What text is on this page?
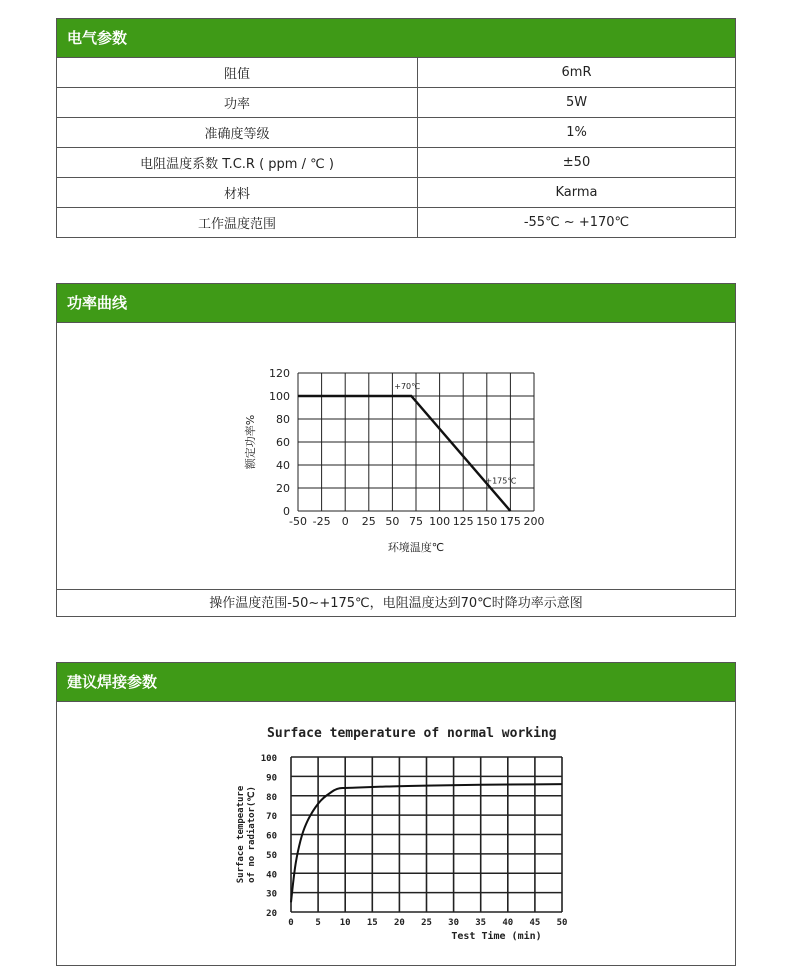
电气参数
阻值	6mR
功率	5W
准确度等级	1%
电阻温度系数 T.C.R ( ppm / ℃ )	±50
材料	Karma
工作温度范围	-55℃ ~ +170℃
功率曲线
-50 -25 0 25 50 75 100 125 150 175 200
0
20
40
60
80
100
120
环境温度℃
额定功率%
+70℃
+175℃
操作温度范围-50~+175℃，电阻温度达到70℃时降功率示意图
建议焊接参数
0 5 10 15 20 25 30 35 40 45 50
20
30
40
50
60
70
80
90
100
Test Time (min)
Surface temperature of normal working
Surface tempeatureof no radiator(℃)
